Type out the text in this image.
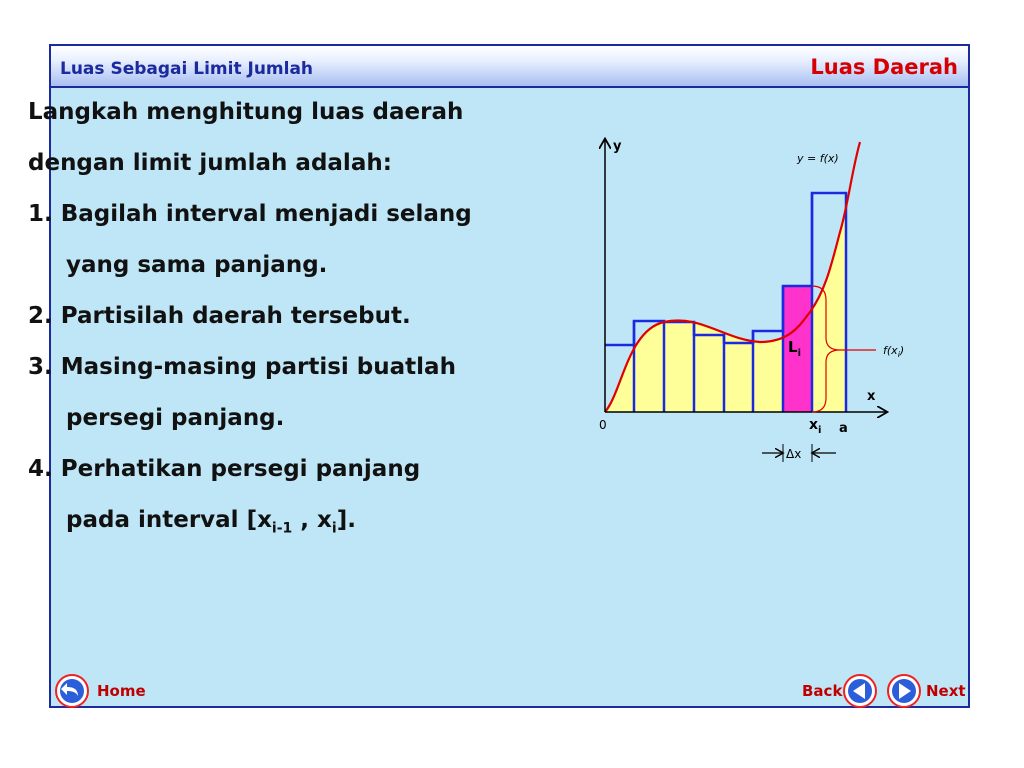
Luas Sebagai Limit Jumlah	Luas Daerah
Langkah menghitung luas daerah
dengan limit jumlah adalah:
1. Bagilah interval menjadi selang
yang sama panjang.
2. Partisilah daerah tersebut.
3. Masing-masing partisi buatlah
persegi panjang.
4. Perhatikan persegi panjang
pada interval [$x_{i-1}$ , $x_i$].
y
x
0
y = f(x)
$L_i$
$x_i$ a
$f(x_i)$
Δx
Home	Back	Next
